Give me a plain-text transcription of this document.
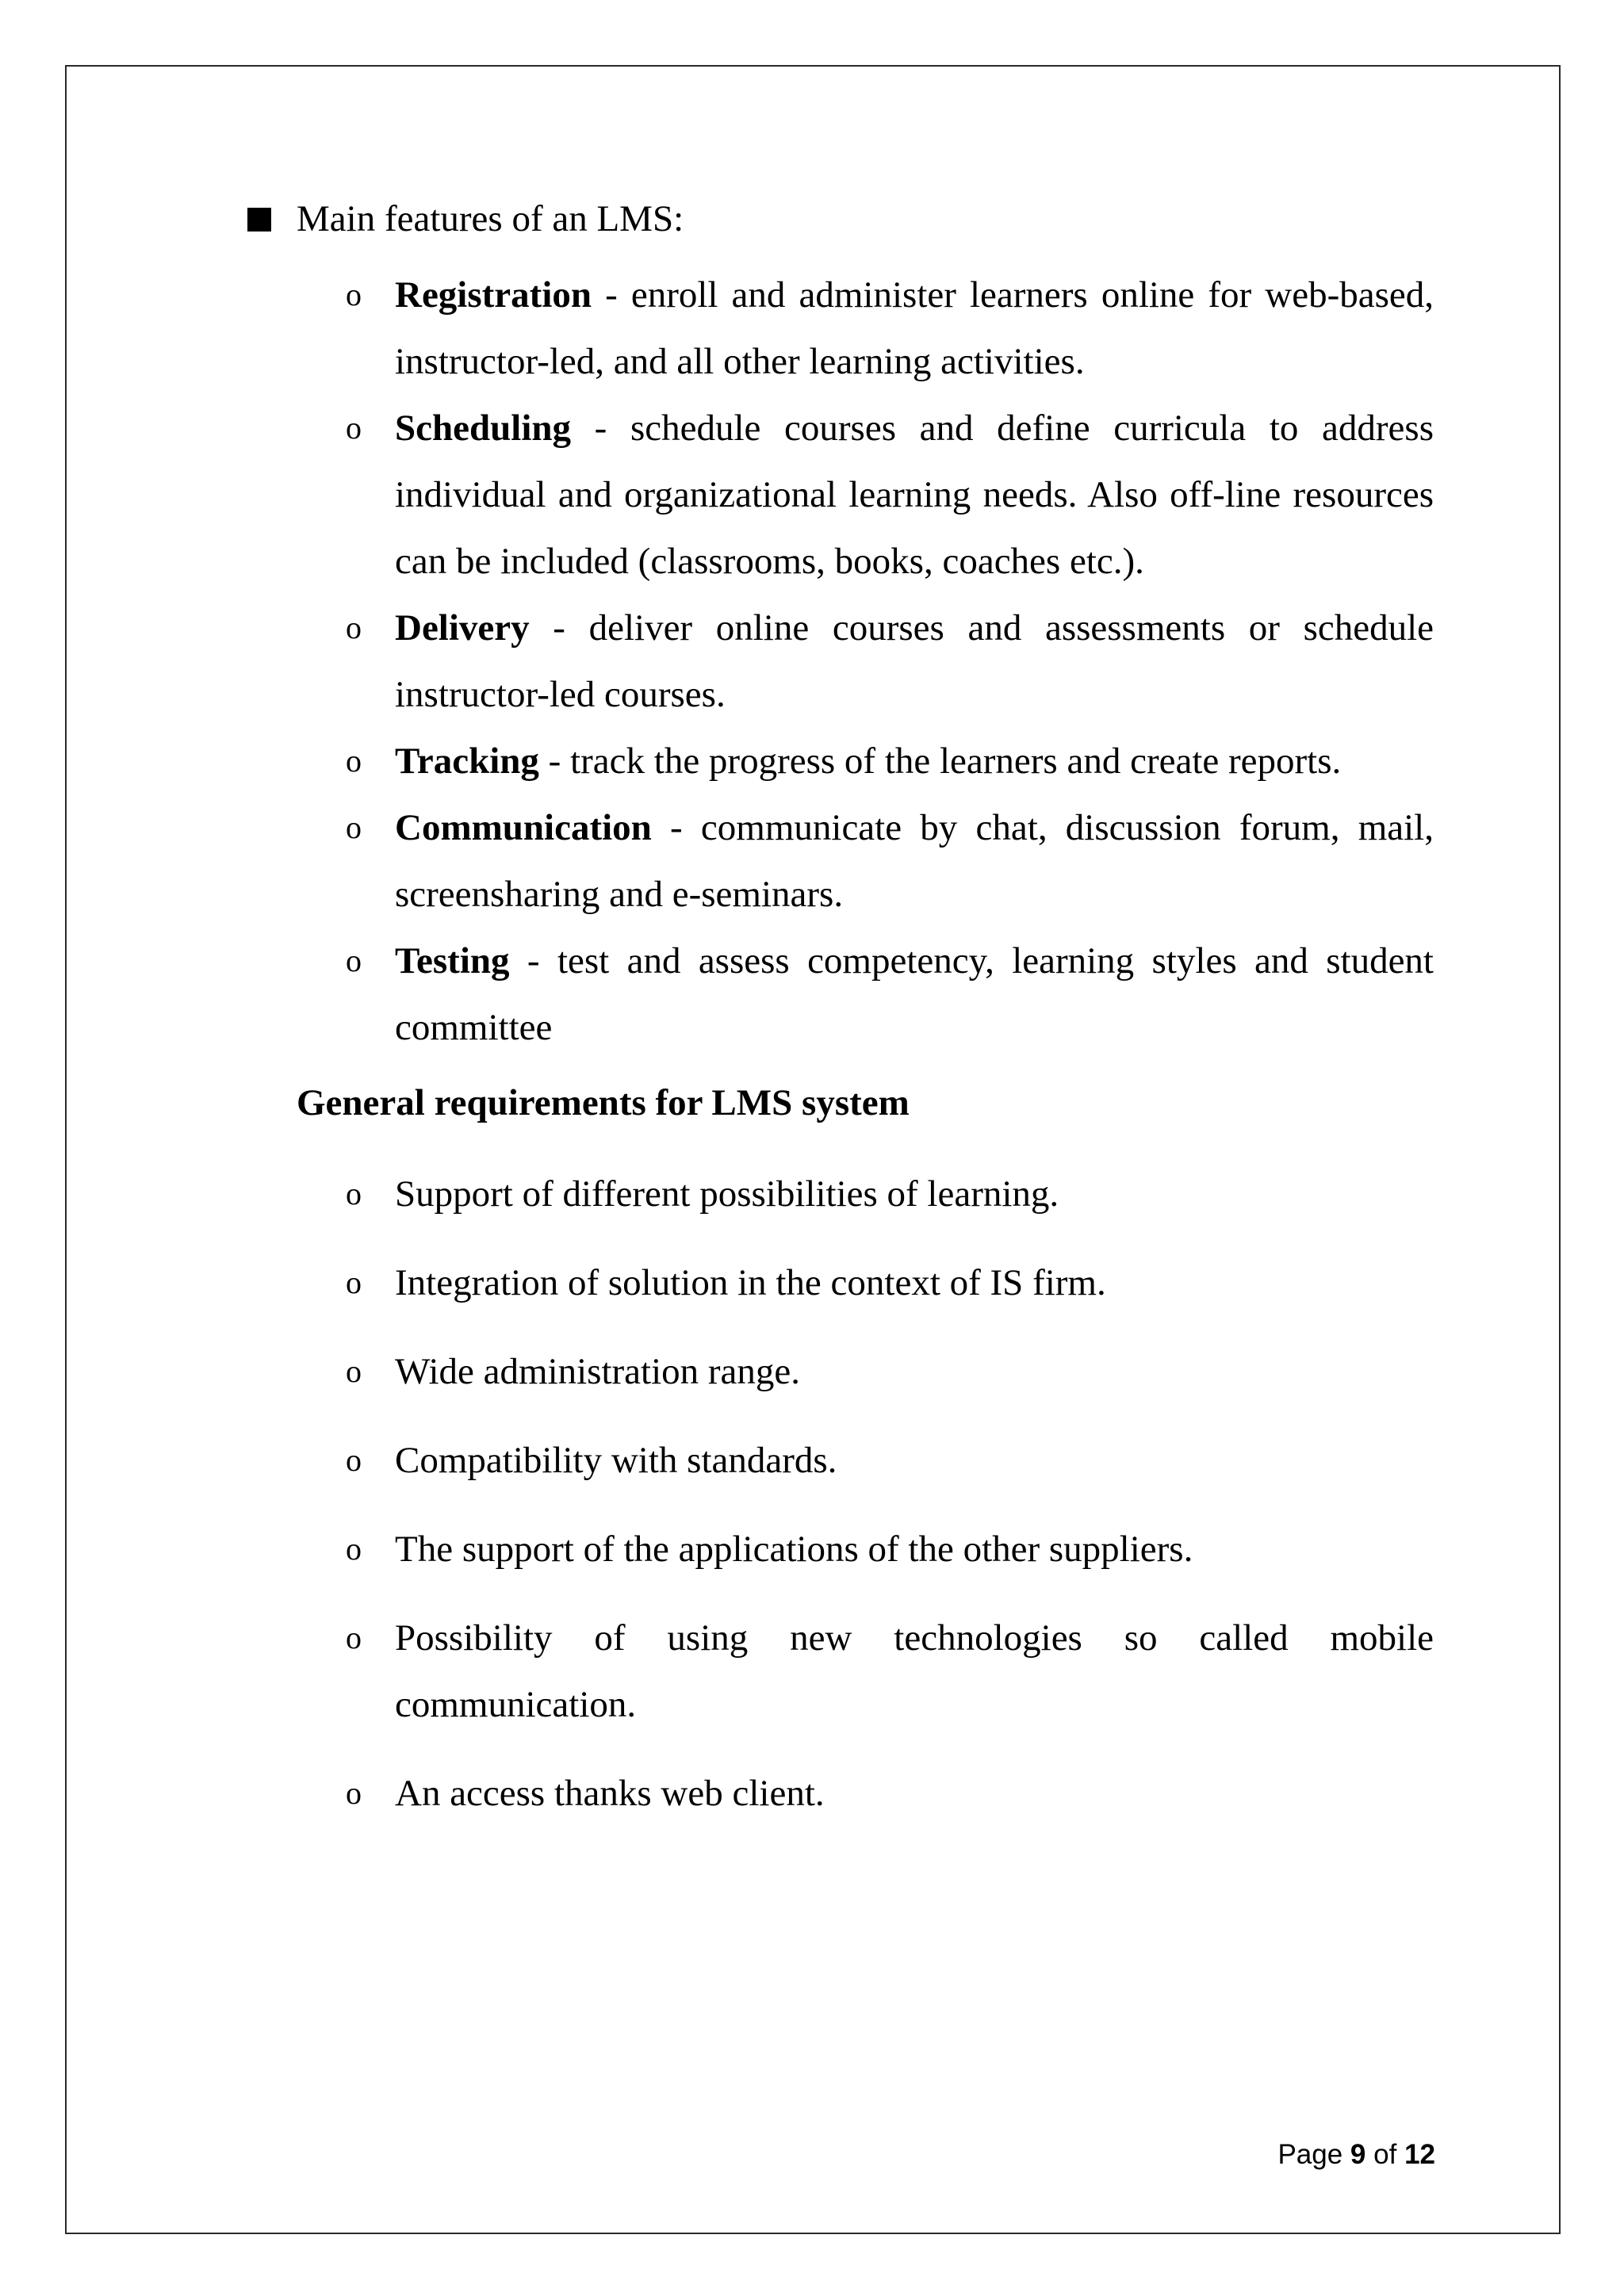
Main features of an LMS:
o Registration - enroll and administer learners online for web-based, instructor-led, and all other learning activities.
o Scheduling - schedule courses and define curricula to address individual and organizational learning needs. Also off-line resources can be included (classrooms, books, coaches etc.).
o Delivery - deliver online courses and assessments or schedule instructor-led courses.
o Tracking - track the progress of the learners and create reports.
o Communication - communicate by chat, discussion forum, mail, screensharing and e-seminars.
o Testing - test and assess competency, learning styles and student committee
General requirements for LMS system
o Support of different possibilities of learning.
o Integration of solution in the context of IS firm.
o Wide administration range.
o Compatibility with standards.
o The support of the applications of the other suppliers.
o Possibility of using new technologies so called mobile communication.
o An access thanks web client.
Page 9 of 12
